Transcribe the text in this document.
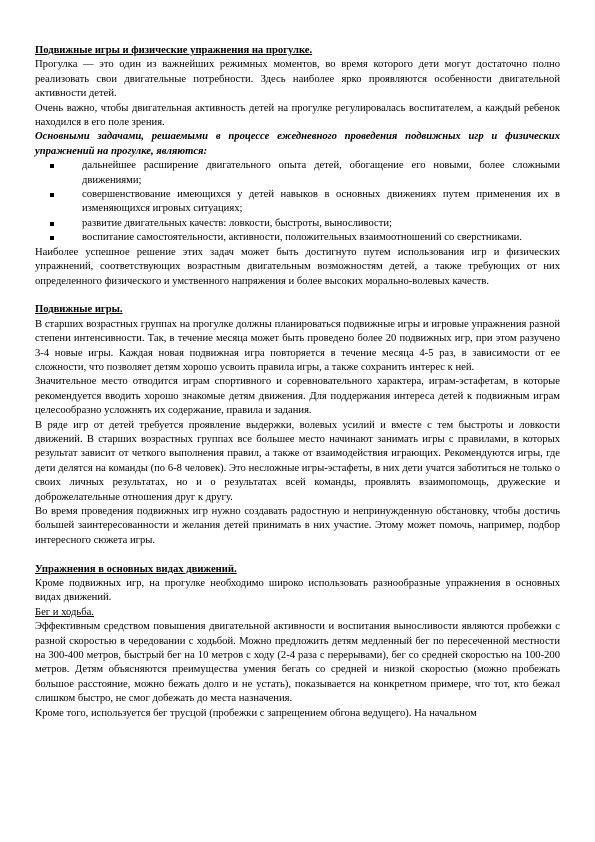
Подвижные игры и физические упражнения на прогулке.

Прогулка — это один из важнейших режимных моментов, во время которого дети могут достаточно полно реализовать свои двигательные потребности. Здесь наиболее ярко проявляются особенности двигательной активности детей.

Очень важно, чтобы двигательная активность детей на прогулке регулировалась воспитателем, а каждый ребенок находился в его поле зрения.

Основными задачами, решаемыми в процессе ежедневного проведения подвижных игр и физических упражнений на прогулке, являются:

дальнейшее расширение двигательного опыта детей, обогащение его новыми, более сложными движениями;
совершенствование имеющихся у детей навыков в основных движениях путем применения их в изменяющихся игровых ситуациях;
развитие двигательных качеств: ловкости, быстроты, выносливости;
воспитание самостоятельности, активности, положительных взаимоотношений со сверстниками.

Наиболее успешное решение этих задач может быть достигнуто путем использования игр и физических упражнений, соответствующих возрастным двигательным возможностям детей, а также требующих от них определенного физического и умственного напряжения и более высоких морально-волевых качеств.

Подвижные игры.

В старших возрастных группах на прогулке должны планироваться подвижные игры и игровые упражнения разной степени интенсивности. Так, в течение месяца может быть проведено более 20 подвижных игр, при этом разучено 3-4 новые игры. Каждая новая подвижная игра повторяется в течение месяца 4-5 раз, в зависимости от ее сложности, что позволяет детям хорошо усвоить правила игры, а также сохранить интерес к ней.

Значительное место отводится играм спортивного и соревновательного характера, играм-эстафетам, в которые рекомендуется вводить хорошо знакомые детям движения. Для поддержания интереса детей к подвижным играм целесообразно усложнять их содержание, правила и задания.

В ряде игр от детей требуется проявление выдержки, волевых усилий и вместе с тем быстроты и ловкости движений. В старших возрастных группах все большее место начинают занимать игры с правилами, в которых результат зависит от четкого выполнения правил, а также от взаимодействия играющих. Рекомендуются игры, где дети делятся на команды (по 6-8 человек). Это несложные игры-эстафеты, в них дети учатся заботиться не только о своих личных результатах, но и о результатах всей команды, проявлять взаимопомощь, дружеские и доброжелательные отношения друг к другу.

Во время проведения подвижных игр нужно создавать радостную и непринужденную обстановку, чтобы достичь большей заинтересованности и желания детей принимать в них участие. Этому может помочь, например, подбор интересного сюжета игры.

Упражнения в основных видах движений.

Кроме подвижных игр, на прогулке необходимо широко использовать разнообразные упражнения в основных видах движений.

Бег и ходьба.

Эффективным средством повышения двигательной активности и воспитания выносливости являются пробежки с разной скоростью в чередовании с ходьбой. Можно предложить детям медленный бег по пересеченной местности на 300-400 метров, быстрый бег на 10 метров с ходу (2-4 раза с перерывами), бег со средней скоростью на 100-200 метров. Детям объясняются преимущества умения бегать со средней и низкой скоростью (можно пробежать большое расстояние, можно бежать долго и не устать), показывается на конкретном примере, что тот, кто бежал слишком быстро, не смог добежать до места назначения.

Кроме того, используется бег трусцой (пробежки с запрещением обгона ведущего). На начальном
